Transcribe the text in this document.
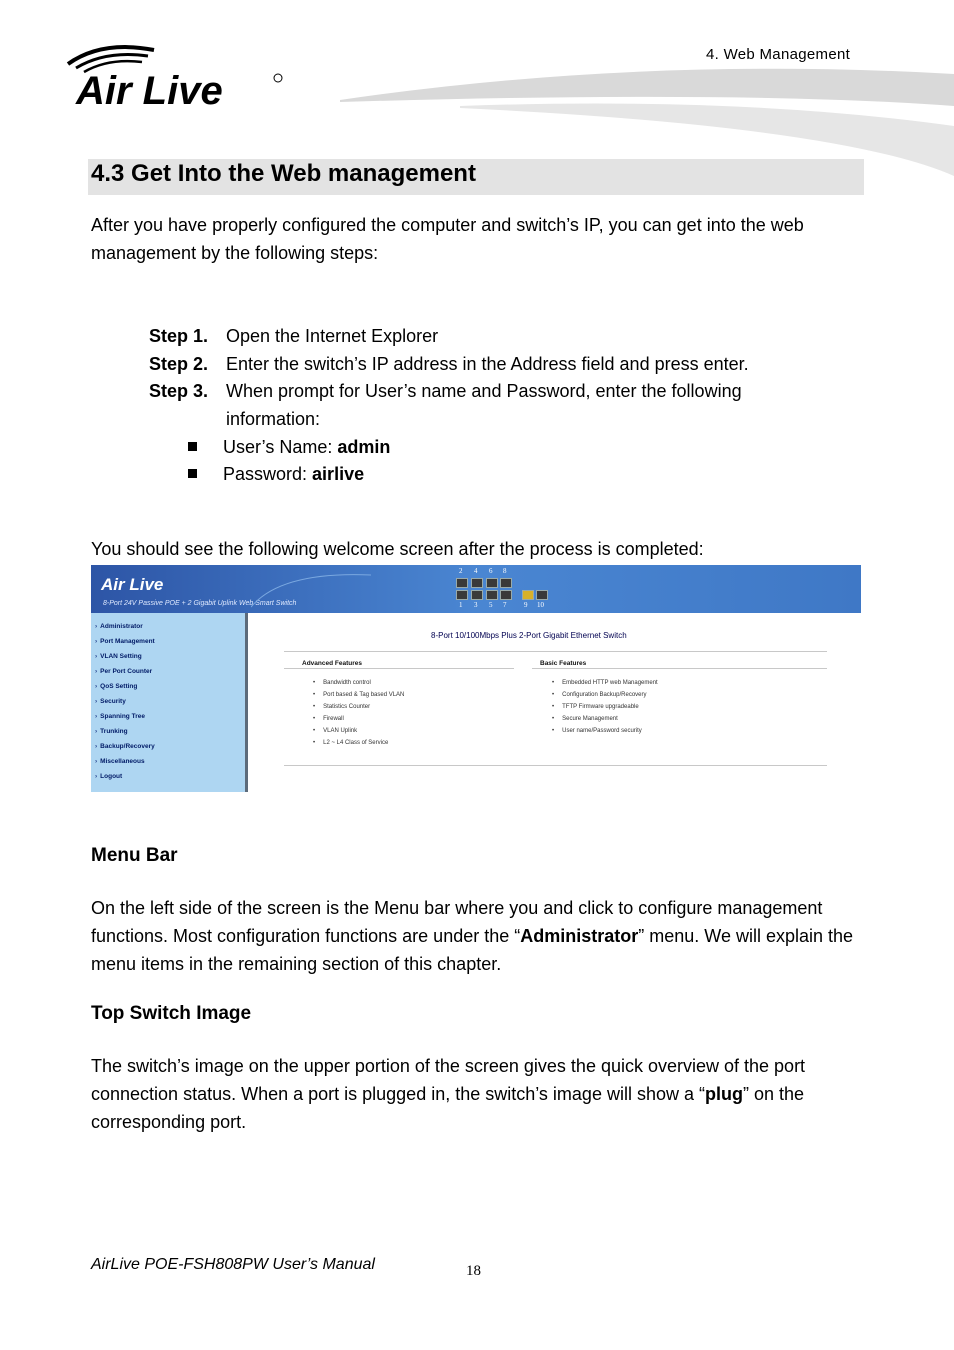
4. Web Management
Air Live
4.3 Get Into the Web management
After you have properly configured the computer and switch’s IP, you can get into the web management by the following steps:
Step 1. Open the Internet Explorer
Step 2. Enter the switch’s IP address in the Address field and press enter.
Step 3. When prompt for User’s name and Password, enter the following information:
User’s Name: admin
Password: airlive
You should see the following welcome screen after the process is completed:
Air Live
8-Port 24V Passive POE + 2 Gigabit Uplink Web Smart Switch
2 4 6 8
1 3 5 7	9 10
› Administrator
› Port Management
› VLAN Setting
› Per Port Counter
› QoS Setting
› Security
› Spanning Tree
› Trunking
› Backup/Recovery
› Miscellaneous
› Logout
8-Port 10/100Mbps Plus 2-Port Gigabit Ethernet Switch
Advanced Features	Basic Features
• Bandwidth control
• Port based & Tag based VLAN
• Statistics Counter
• Firewall
• VLAN Uplink
• L2 ~ L4 Class of Service
• Embedded HTTP web Management
• Configuration Backup/Recovery
• TFTP Firmware upgradeable
• Secure Management
• User name/Password security
Menu Bar
On the left side of the screen is the Menu bar where you and click to configure management functions. Most configuration functions are under the “Administrator” menu. We will explain the menu items in the remaining section of this chapter.
Top Switch Image
The switch’s image on the upper portion of the screen gives the quick overview of the port connection status. When a port is plugged in, the switch’s image will show a “plug” on the corresponding port.
AirLive POE-FSH808PW User’s Manual	18
